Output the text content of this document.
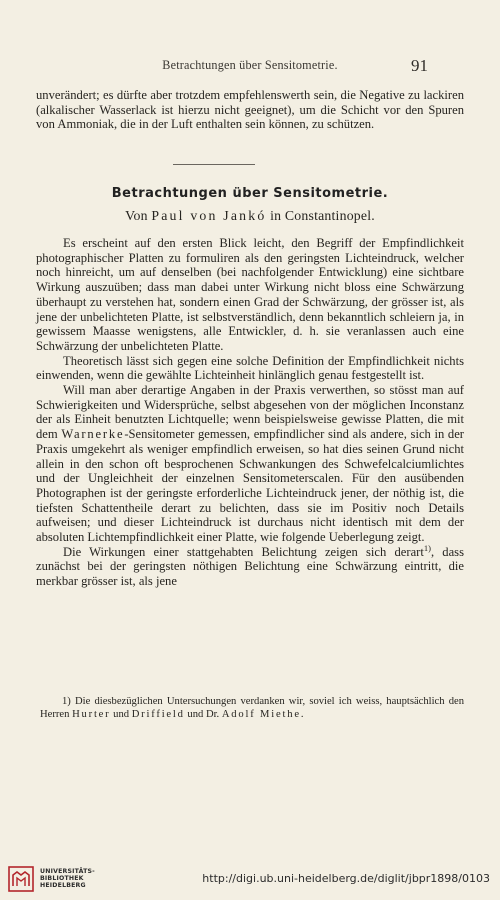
Betrachtungen über Sensitometrie.	91

unverändert; es dürfte aber trotzdem empfehlenswerth sein, die Negative zu lackiren (alkalischer Wasserlack ist hierzu nicht geeignet), um die Schicht vor den Spuren von Ammoniak, die in der Luft enthalten sein können, zu schützen.

Betrachtungen über Sensitometrie.
Von Paul von Jankó in Constantinopel.

Es erscheint auf den ersten Blick leicht, den Begriff der Empfindlichkeit photographischer Platten zu formuliren als den geringsten Lichteindruck, welcher noch hinreicht, um auf denselben (bei nachfolgender Entwicklung) eine sichtbare Wirkung auszuüben; dass man dabei unter Wirkung nicht bloss eine Schwärzung überhaupt zu verstehen hat, sondern einen Grad der Schwärzung, der grösser ist, als jene der unbelichteten Platte, ist selbstverständlich, denn bekanntlich schleiern ja, in gewissem Maasse wenigstens, alle Entwickler, d. h. sie veranlassen auch eine Schwärzung der unbelichteten Platte.

Theoretisch lässt sich gegen eine solche Definition der Empfindlichkeit nichts einwenden, wenn die gewählte Lichteinheit hinlänglich genau festgestellt ist.

Will man aber derartige Angaben in der Praxis verwerthen, so stösst man auf Schwierigkeiten und Widersprüche, selbst abgesehen von der möglichen Inconstanz der als Einheit benutzten Lichtquelle; wenn beispielsweise gewisse Platten, die mit dem Warnerke-Sensitometer gemessen, empfindlicher sind als andere, sich in der Praxis umgekehrt als weniger empfindlich erweisen, so hat dies seinen Grund nicht allein in den schon oft besprochenen Schwankungen des Schwefelcalciumlichtes und der Ungleichheit der einzelnen Sensitometerscalen. Für den ausübenden Photographen ist der geringste erforderliche Lichteindruck jener, der nöthig ist, die tiefsten Schattentheile derart zu belichten, dass sie im Positiv noch Details aufweisen; und dieser Lichteindruck ist durchaus nicht identisch mit dem der absoluten Lichtempfindlichkeit einer Platte, wie folgende Ueberlegung zeigt.

Die Wirkungen einer stattgehabten Belichtung zeigen sich derart$^{1)}$, dass zunächst bei der geringsten nöthigen Belichtung eine Schwärzung eintritt, die merkbar grösser ist, als jene

1) Die diesbezüglichen Untersuchungen verdanken wir, soviel ich weiss, hauptsächlich den Herren Hurter und Driffield und Dr. Adolf Miethe.
UNIVERSITÄTS-
BIBLIOTHEK
HEIDELBERG
http://digi.ub.uni-heidelberg.de/diglit/jbpr1898/0103
